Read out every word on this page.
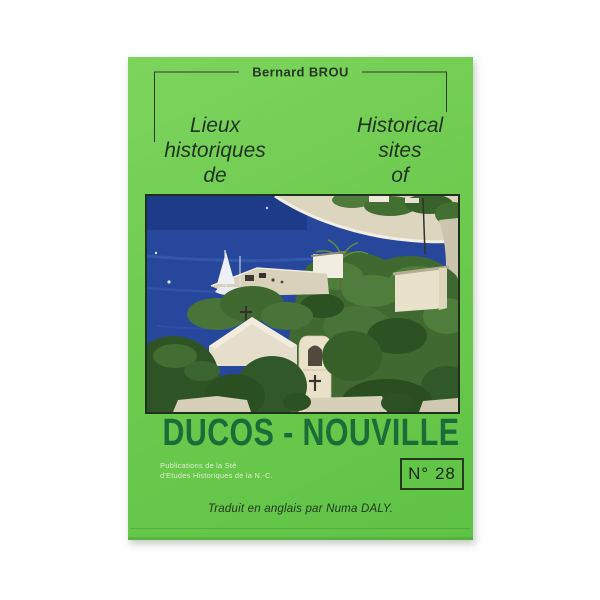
Bernard BROU
Lieux
historiques
de
Historical
sites
of
DUCOS - NOUVILLE
Publications de la Sté
d'Etudes Historiques de la N.-C.	N° 28
Traduit en anglais par Numa DALY.
